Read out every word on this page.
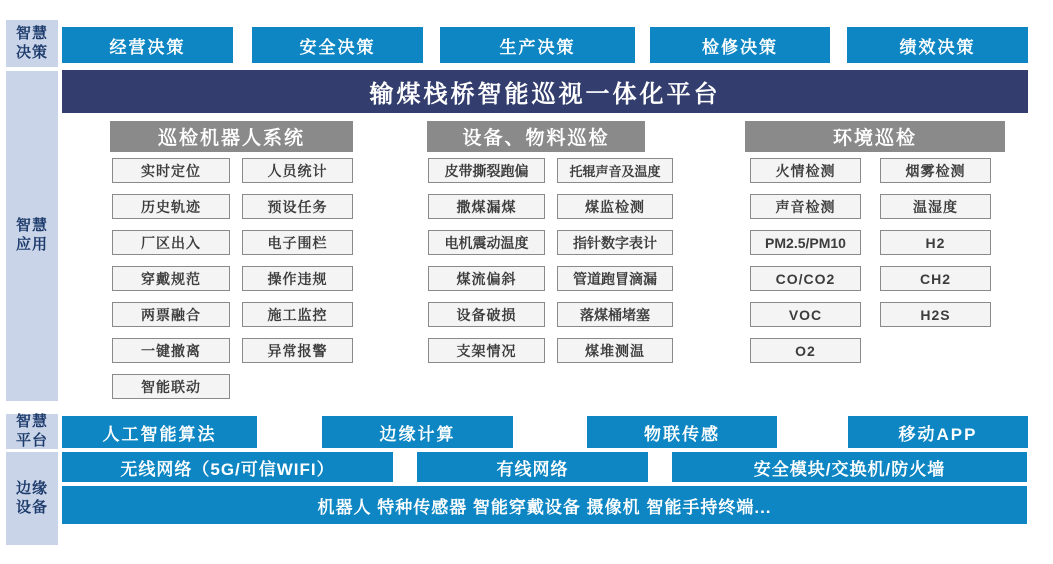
智慧
决策
智慧
应用
智慧
平台
边缘
设备
经营决策	安全决策	生产决策	检修决策	绩效决策
输煤栈桥智能巡视一体化平台
巡检机器人系统
实时定位	人员统计
历史轨迹	预设任务
厂区出入	电子围栏
穿戴规范	操作违规
两票融合	施工监控
一键撤离	异常报警
智能联动
设备、物料巡检
皮带撕裂跑偏	托辊声音及温度
撒煤漏煤	煤监检测
电机震动温度	指针数字表计
煤流偏斜	管道跑冒滴漏
设备破损	落煤桶堵塞
支架情况	煤堆测温
环境巡检
火情检测	烟雾检测
声音检测	温湿度
PM2.5/PM10	H2
CO/CO2	CH2
VOC	H2S
O2
人工智能算法	边缘计算	物联传感	移动APP
无线网络（5G/可信WIFI）	有线网络	安全模块/交换机/防火墙
机器人 特种传感器 智能穿戴设备 摄像机 智能手持终端...
